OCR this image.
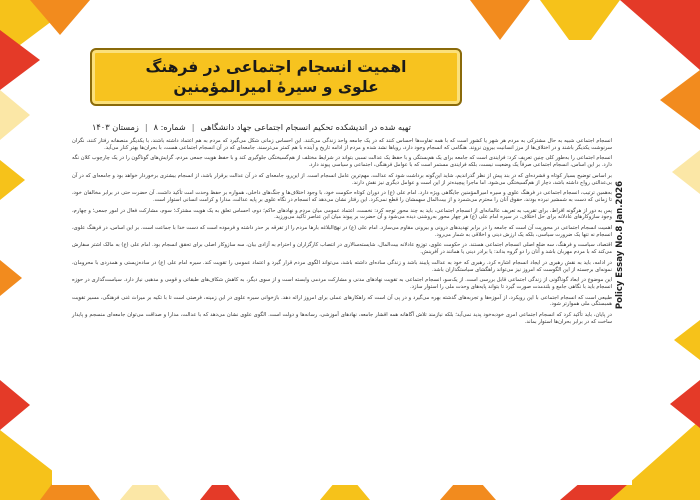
اهمیت انسجام اجتماعی در فرهنگ
علوی و سیرۀ امیرالمؤمنین
تهیه شده در اندیشکده تحکیم انسجام اجتماعی جهاد دانشگاهی
|
شماره: ۸
|
زمستان ۱۴۰۳

انسجام اجتماعی شبیه به حال مشترکی به مردم هر شهر یا کشور است که با همه تفاوت‌ها احساس کنند که در یک جامعه واحد زندگی می‌کنند. این احساس زمانی شکل می‌گیرد که مردم به هم اعتماد داشته باشند، با یکدیگر منصفانه رفتار کنند، نگران سرنوشت یکدیگر باشند و در اختلاف‌ها از مرز انسانیت بیرون نروند. هنگامی که انسجام وجود دارد، رویاها نشد شده و مردم از ادامه تاریخ و آینده با هم کمتر می‌ترسند. جامعه‌ای که در آن انسجام اجتماعی هست، با بحران‌ها بهتر کنار می‌آید.

انسجام اجتماعی را به‌طور کلی چنین تعریف کرد: فرایندی است که جامعه برای یک هم‌بستگی و با حفظ یک عدالت نسبی بتواند در شرایط مختلف از هم‌گسیختگی جلوگیری کند و با حفظ هویت جمعی مردم، گرایش‌های گوناگون را در یک چارچوب کلان نگه دارد. بر این اساس، انسجام اجتماعی صرفاً یک وضعیت نیست، بلکه فرایندی مستمر است که با عوامل فرهنگی، اجتماعی و سیاسی پیوند دارد.

بر اساس توضیح بسیار کوتاه و فشرده‌ای که در بند پیش از نظر گذراندیم، شاید این‌گونه برداشت شود که عدالت، مهم‌ترین عامل انسجام است. از این‌رو، جامعه‌ای که در آن عدالت برقرار باشد، از انسجام بیشتری برخوردار خواهد بود و جامعه‌ای که در آن بی‌عدالتی رواج داشته باشد، دچار از هم‌گسیختگی می‌شود. اما ماجرا پیچیده‌تر از این است و عوامل دیگری نیز نقش دارند.

به‌همین ترتیب، انسجام اجتماعی در فرهنگ علوی و سیره امیرالمؤمنین جایگاهی ویژه دارد. امام علی (ع) در دوران کوتاه حکومت خود، با وجود اختلاف‌ها و جنگ‌های داخلی، همواره بر حفظ وحدت امت تأکید داشت. آن حضرت حتی در برابر مخالفان خود، تا زمانی که دست به شمشیر نبرده بودند، حقوق آنان را محترم می‌شمرد و از بیت‌المال سهمشان را قطع نمی‌کرد. این رفتار نشان می‌دهد که انسجام در نگاه علوی بر پایه عدالت، مدارا و کرامت انسانی استوار است.

پس به دور از هرگونه افراط، برای تقریب به تعریف عالمانه‌ای از انسجام اجتماعی، باید به چند محور توجه کرد: نخست، اعتماد عمومی میان مردم و نهادهای حاکم؛ دوم، احساس تعلق به یک هویت مشترک؛ سوم، مشارکت فعال در امور جمعی؛ و چهارم، وجود سازوکارهای عادلانه برای حل اختلاف. در سیره امام علی (ع) هر چهار محور به‌روشنی دیده می‌شود و آن حضرت بر پیوند میان این عناصر تأکید می‌ورزید.

اهمیت انسجام اجتماعی در محوریت آن است که جامعه را در برابر تهدیدهای درونی و بیرونی مقاوم می‌سازد. امام علی (ع) در نهج‌البلاغه بارها مردم را از تفرقه بر حذر داشته و فرموده است که دست خدا با جماعت است. بر این اساس، در فرهنگ علوی، انسجام نه تنها یک ضرورت سیاسی، بلکه یک ارزش دینی و اخلاقی به شمار می‌رود.

اقتصاد، سیاست و فرهنگ، سه ضلع اصلی انسجام اجتماعی هستند. در حکومت علوی، توزیع عادلانه بیت‌المال، شایسته‌سالاری در انتصاب کارگزاران و احترام به آزادی بیان، سه سازوکار اصلی برای تحقق انسجام بود. امام علی (ع) به مالک اشتر سفارش می‌کند که با مردم مهربان باشد و آنان را دو گروه بداند: یا برادر دینی یا همانند در آفرینش.

در ادامه، باید به نقش رهبری در ایجاد انسجام اشاره کرد. رهبری که خود به عدالت پایبند باشد و زندگی ساده‌ای داشته باشد، می‌تواند الگوی مردم قرار گیرد و اعتماد عمومی را تقویت کند. سیره امام علی (ع) در ساده‌زیستی و همدردی با محرومان، نمونه‌ای برجسته از این الگوست که امروز نیز می‌تواند راهگشای سیاستگذاران باشد.

این موضوع در ابعاد گوناگونی از زندگی اجتماعی قابل بررسی است. از یک‌سو، انسجام اجتماعی به تقویت نهادهای مدنی و مشارکت مردمی وابسته است و از سوی دیگر، به کاهش شکاف‌های طبقاتی و قومی و مذهبی نیاز دارد. سیاست‌گذاری در حوزه انسجام باید با نگاهی جامع و بلندمدت صورت گیرد تا بتواند پایه‌های وحدت ملی را استوار سازد.

طبیعی است که انسجام اجتماعی با این رویکرد، از آموزه‌ها و تجربه‌های گذشته بهره می‌گیرد و در پی آن است که راهکارهای عملی برای امروز ارائه دهد. بازخوانی سیره علوی در این زمینه، فرصتی است تا با تکیه بر میراث غنی فرهنگی، مسیر تقویت همبستگی ملی هموارتر شود.

در پایان، باید تأکید کرد که انسجام اجتماعی امری خودبه‌خود پدید نمی‌آید؛ بلکه نیازمند تلاش آگاهانه همه اقشار جامعه، نهادهای آموزشی، رسانه‌ها و دولت است. الگوی علوی نشان می‌دهد که با عدالت، مدارا و صداقت می‌توان جامعه‌ای منسجم و پایدار ساخت که در برابر بحران‌ها استوار بماند.

Policy Essay No.8 Jan.2026
